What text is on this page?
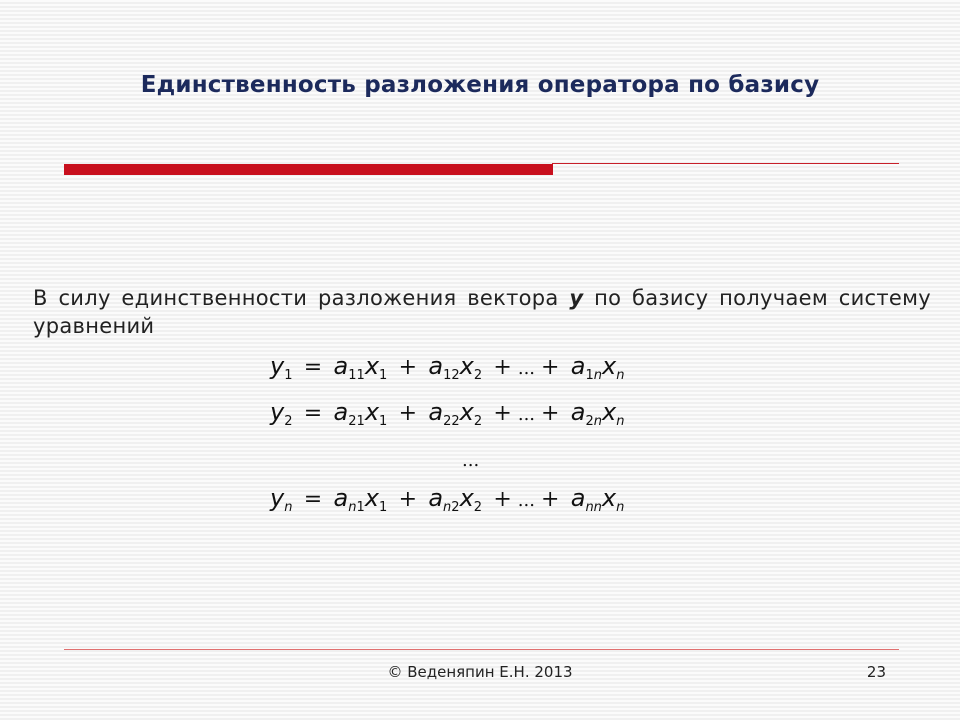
Единственность разложения оператора по базису
В силу единственности разложения вектора y по базису получаем систему уравнений
$y_1 = a_{11}x_1 + a_{12}x_2$ + ... + $a_{1n}x_n$
$y_2 = a_{21}x_1 + a_{22}x_2$ + ... + $a_{2n}x_n$
...
$y_n = a_{n1}x_1 + a_{n2}x_2$ + ... + $a_{nn}x_n$
© Веденяпин Е.Н. 2013	23
